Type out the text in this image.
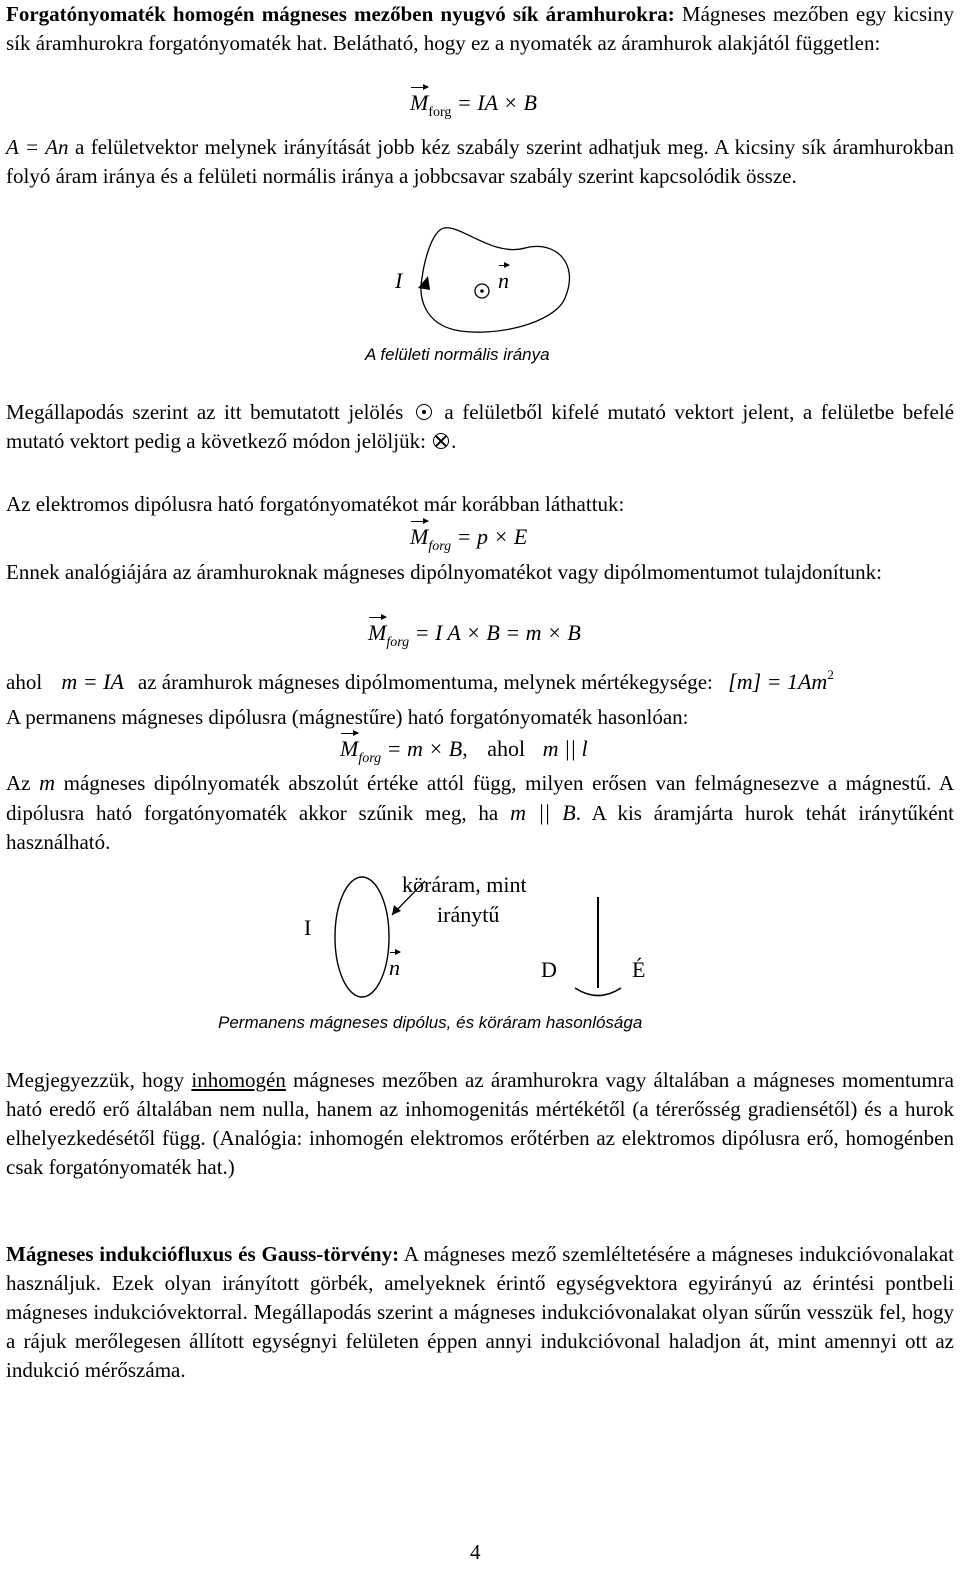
Forgatónyomaték homogén mágneses mezőben nyugvó sík áramhurokra: Mágneses mezőben egy kicsiny sík áramhurokra forgatónyomaték hat. Belátható, hogy ez a nyomaték az áramhurok alakjától független:
$M_{forg}$ = IA × B
A = An a felületvektor melynek irányítását jobb kéz szabály szerint adhatjuk meg. A kicsiny sík áramhurokban folyó áram iránya és a felületi normális iránya a jobbcsavar szabály szerint kapcsolódik össze.
I	n
A felületi normális iránya
Megállapodás szerint az itt bemutatott jelölés a felületből kifelé mutató vektort jelent, a felületbe befelé mutató vektort pedig a következő módon jelöljük: .
Az elektromos dipólusra ható forgatónyomatékot már korábban láthattuk:
$M_{forg} = p \times E$
Ennek analógiájára az áramhuroknak mágneses dipólnyomatékot vagy dipólmomentumot tulajdonítunk:
$M_{forg} = I$ A × B = m × B
ahol m = IA az áramhurok mágneses dipólmomentuma, melynek mértékegysége: $[m] = 1Am^2$
A permanens mágneses dipólusra (mágnestűre) ható forgatónyomaték hasonlóan:
$M_{forg} = m \times B$, ahol m || l
Az m mágneses dipólnyomaték abszolút értéke attól függ, milyen erősen van felmágnesezve a mágnestű. A dipólusra ható forgatónyomaték akkor szűnik meg, ha m || B. A kis áramjárta hurok tehát iránytűként használható.
I
n
köráram, mint
iránytű
D	É
Permanens mágneses dipólus, és köráram hasonlósága
Megjegyezzük, hogy inhomogén mágneses mezőben az áramhurokra vagy általában a mágneses momentumra ható eredő erő általában nem nulla, hanem az inhomogenitás mértékétől (a térerősség gradiensétől) és a hurok elhelyezkedésétől függ. (Analógia: inhomogén elektromos erőtérben az elektromos dipólusra erő, homogénben csak forgatónyomaték hat.)
Mágneses indukciófluxus és Gauss-törvény: A mágneses mező szemléltetésére a mágneses indukcióvonalakat használjuk. Ezek olyan irányított görbék, amelyeknek érintő egységvektora egyirányú az érintési pontbeli mágneses indukcióvektorral. Megállapodás szerint a mágneses indukcióvonalakat olyan sűrűn vesszük fel, hogy a rájuk merőlegesen állított egységnyi felületen éppen annyi indukcióvonal haladjon át, mint amennyi ott az indukció mérőszáma.
4
